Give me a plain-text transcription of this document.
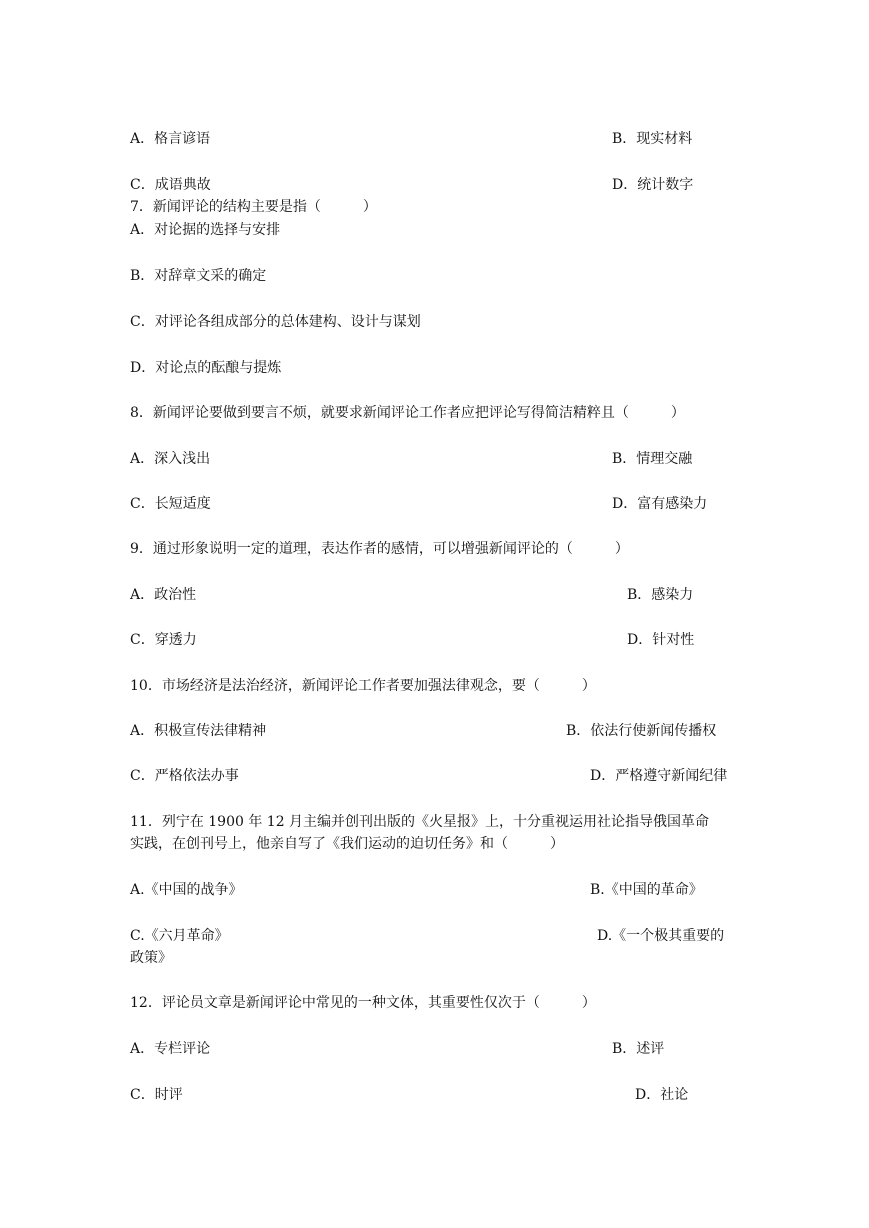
A．格言谚语	B．现实材料
C．成语典故	D．统计数字
7．新闻评论的结构主要是指（　　　）
A．对论据的选择与安排
B．对辞章文采的确定
C．对评论各组成部分的总体建构、设计与谋划
D．对论点的酝酿与提炼
8．新闻评论要做到要言不烦，就要求新闻评论工作者应把评论写得简洁精粹且（　　　）
A．深入浅出	B．情理交融
C．长短适度	D．富有感染力
9．通过形象说明一定的道理，表达作者的感情，可以增强新闻评论的（　　　）
A．政治性	B．感染力
C．穿透力	D．针对性
10．市场经济是法治经济，新闻评论工作者要加强法律观念，要（　　　）
A．积极宣传法律精神	B．依法行使新闻传播权
C．严格依法办事	D．严格遵守新闻纪律
11．列宁在 1900 年 12 月主编并创刊出版的《火星报》上，十分重视运用社论指导俄国革命
实践，在创刊号上，他亲自写了《我们运动的迫切任务》和（　　　）
A.《中国的战争》	B.《中国的革命》
C.《六月革命》	D.《一个极其重要的
政策》
12．评论员文章是新闻评论中常见的一种文体，其重要性仅次于（　　　）
A．专栏评论	B．述评
C．时评	D．社论
